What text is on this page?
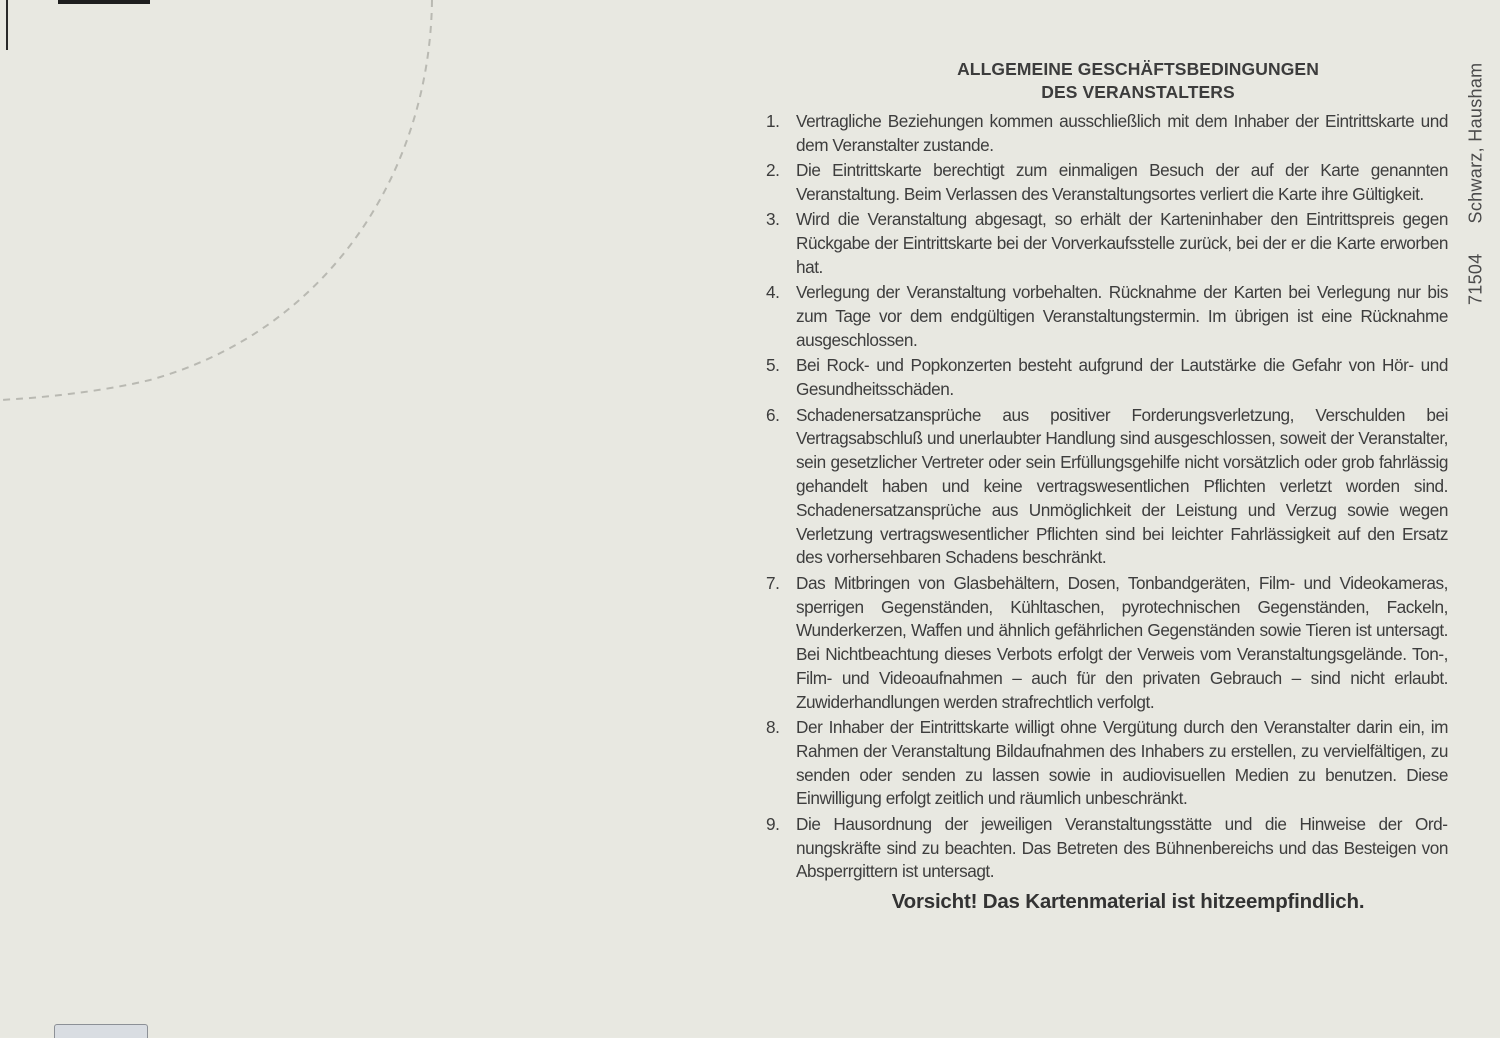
ALLGEMEINE GESCHÄFTSBEDINGUNGEN
DES VERANSTALTERS
1. Vertragliche Beziehungen kommen ausschließlich mit dem Inhaber der Eintrittskarte und dem Veranstalter zustande.
2. Die Eintrittskarte berechtigt zum einmaligen Besuch der auf der Karte genannten Veranstaltung. Beim Verlassen des Veranstaltungsortes verliert die Karte ihre Gültigkeit.
3. Wird die Veranstaltung abgesagt, so erhält der Karteninhaber den Eintrittspreis gegen Rückgabe der Eintrittskarte bei der Vorverkaufsstelle zurück, bei der er die Karte erworben hat.
4. Verlegung der Veranstaltung vorbehalten. Rücknahme der Karten bei Verlegung nur bis zum Tage vor dem endgültigen Veranstaltungstermin. Im übrigen ist eine Rücknahme ausgeschlossen.
5. Bei Rock- und Popkonzerten besteht aufgrund der Lautstärke die Gefahr von Hör- und Gesundheitsschäden.
6. Schadenersatzansprüche aus positiver Forderungsverletzung, Verschulden bei Vertragsabschluß und unerlaubter Handlung sind ausgeschlossen, soweit der Veranstalter, sein gesetzlicher Vertreter oder sein Erfüllungsgehilfe nicht vorsätzlich oder grob fahrlässig gehandelt haben und keine vertragswesentlichen Pflichten verletzt worden sind. Schadenersatzansprüche aus Unmöglichkeit der Leistung und Verzug sowie wegen Verletzung vertragswesentlicher Pflichten sind bei leichter Fahrlässigkeit auf den Ersatz des vorhersehbaren Schadens beschränkt.
7. Das Mitbringen von Glasbehältern, Dosen, Tonbandgeräten, Film- und Videokameras, sperrigen Gegenständen, Kühltaschen, pyrotechnischen Gegenständen, Fackeln, Wunderkerzen, Waffen und ähnlich gefährlichen Gegenständen sowie Tieren ist untersagt. Bei Nichtbeachtung dieses Verbots erfolgt der Verweis vom Veranstaltungsgelände. Ton-, Film- und Videoaufnahmen – auch für den privaten Gebrauch – sind nicht erlaubt. Zuwiderhandlungen werden strafrechtlich verfolgt.
8. Der Inhaber der Eintrittskarte willigt ohne Vergütung durch den Veranstalter darin ein, im Rahmen der Veranstaltung Bildaufnahmen des Inhabers zu erstellen, zu vervielfältigen, zu senden oder senden zu lassen sowie in audiovisuellen Medien zu benutzen. Diese Einwilligung erfolgt zeitlich und räumlich unbeschränkt.
9. Die Hausordnung der jeweiligen Veranstaltungsstätte und die Hinweise der Ordnungskräfte sind zu beachten. Das Betreten des Bühnenbereichs und das Besteigen von Absperrgittern ist untersagt.
Vorsicht! Das Kartenmaterial ist hitzeempfindlich.
71504Schwarz, Hausham
